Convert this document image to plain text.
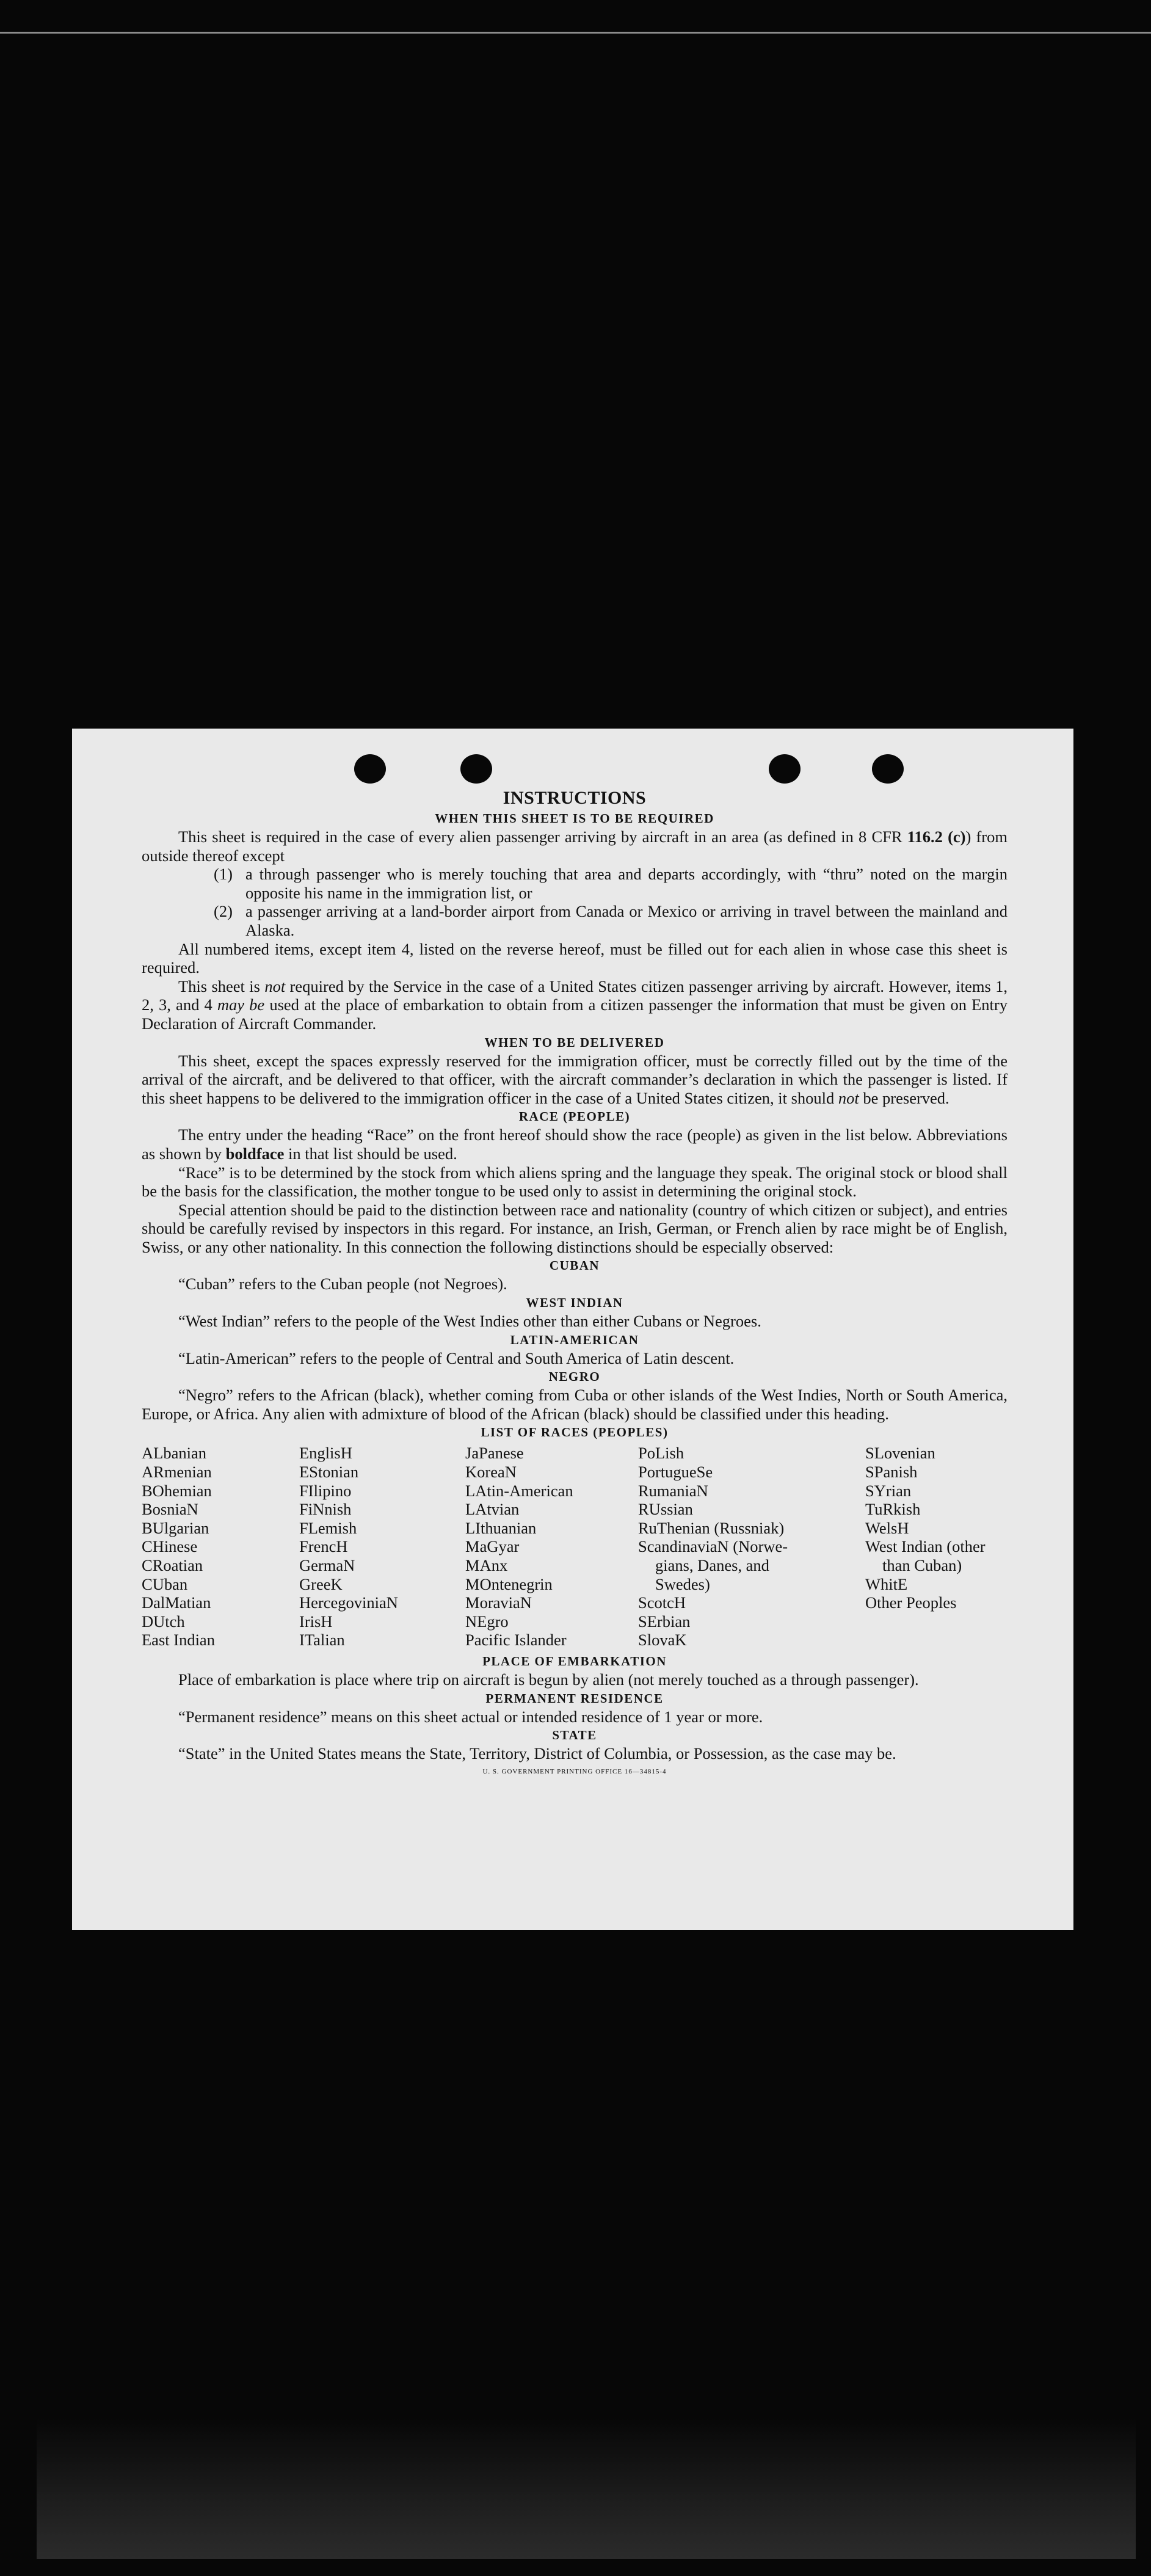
INSTRUCTIONS
WHEN THIS SHEET IS TO BE REQUIRED

This sheet is required in the case of every alien passenger arriving by aircraft in an area (as defined in 8 CFR 116.2 (c)) from outside thereof except

(1) a through passenger who is merely touching that area and departs accordingly, with “thru” noted on the margin opposite his name in the immigration list, or
(2) a passenger arriving at a land-border airport from Canada or Mexico or arriving in travel between the mainland and Alaska.

All numbered items, except item 4, listed on the reverse hereof, must be filled out for each alien in whose case this sheet is required.

This sheet is not required by the Service in the case of a United States citizen passenger arriving by aircraft. However, items 1, 2, 3, and 4 may be used at the place of embarkation to obtain from a citizen passenger the information that must be given on Entry Declaration of Aircraft Commander.

WHEN TO BE DELIVERED

This sheet, except the spaces expressly reserved for the immigration officer, must be correctly filled out by the time of the arrival of the aircraft, and be delivered to that officer, with the aircraft commander’s declaration in which the passenger is listed. If this sheet happens to be delivered to the immigration officer in the case of a United States citizen, it should not be preserved.

RACE (PEOPLE)

The entry under the heading “Race” on the front hereof should show the race (people) as given in the list below. Abbreviations as shown by boldface in that list should be used.

“Race” is to be determined by the stock from which aliens spring and the language they speak. The original stock or blood shall be the basis for the classification, the mother tongue to be used only to assist in determining the original stock.

Special attention should be paid to the distinction between race and nationality (country of which citizen or subject), and entries should be carefully revised by inspectors in this regard. For instance, an Irish, German, or French alien by race might be of English, Swiss, or any other nationality. In this connection the following distinctions should be especially observed:

CUBAN

“Cuban” refers to the Cuban people (not Negroes).

WEST INDIAN

“West Indian” refers to the people of the West Indies other than either Cubans or Negroes.

LATIN-AMERICAN

“Latin-American” refers to the people of Central and South America of Latin descent.

NEGRO

“Negro” refers to the African (black), whether coming from Cuba or other islands of the West Indies, North or South America, Europe, or Africa. Any alien with admixture of blood of the African (black) should be classified under this heading.

LIST OF RACES (PEOPLES)
ALbanian
ARmenian
BOhemian
BosniaN
BUlgarian
CHinese
CRoatian
CUban
DalMatian
DUtch
East Indian
EnglisH
EStonian
FIlipino
FiNnish
FLemish
FrencH
GermaN
GreeK
HercegoviniaN
IrisH
ITalian
JaPanese
KoreaN
LAtin-American
LAtvian
LIthuanian
MaGyar
MAnx
MOntenegrin
MoraviaN
NEgro
Pacific Islander
PoLish
PortugueSe
RumaniaN
RUssian
RuThenian (Russniak)
ScandinaviaN (Norwe-
gians, Danes, and
Swedes)
ScotcH
SErbian
SlovaK
SLovenian
SPanish
SYrian
TuRkish
WelsH
West Indian (other
than Cuban)
WhitE
Other Peoples
PLACE OF EMBARKATION

Place of embarkation is place where trip on aircraft is begun by alien (not merely touched as a through passenger).

PERMANENT RESIDENCE

“Permanent residence” means on this sheet actual or intended residence of 1 year or more.

STATE

“State” in the United States means the State, Territory, District of Columbia, or Possession, as the case may be.

U. S. GOVERNMENT PRINTING OFFICE 16—34815-4
